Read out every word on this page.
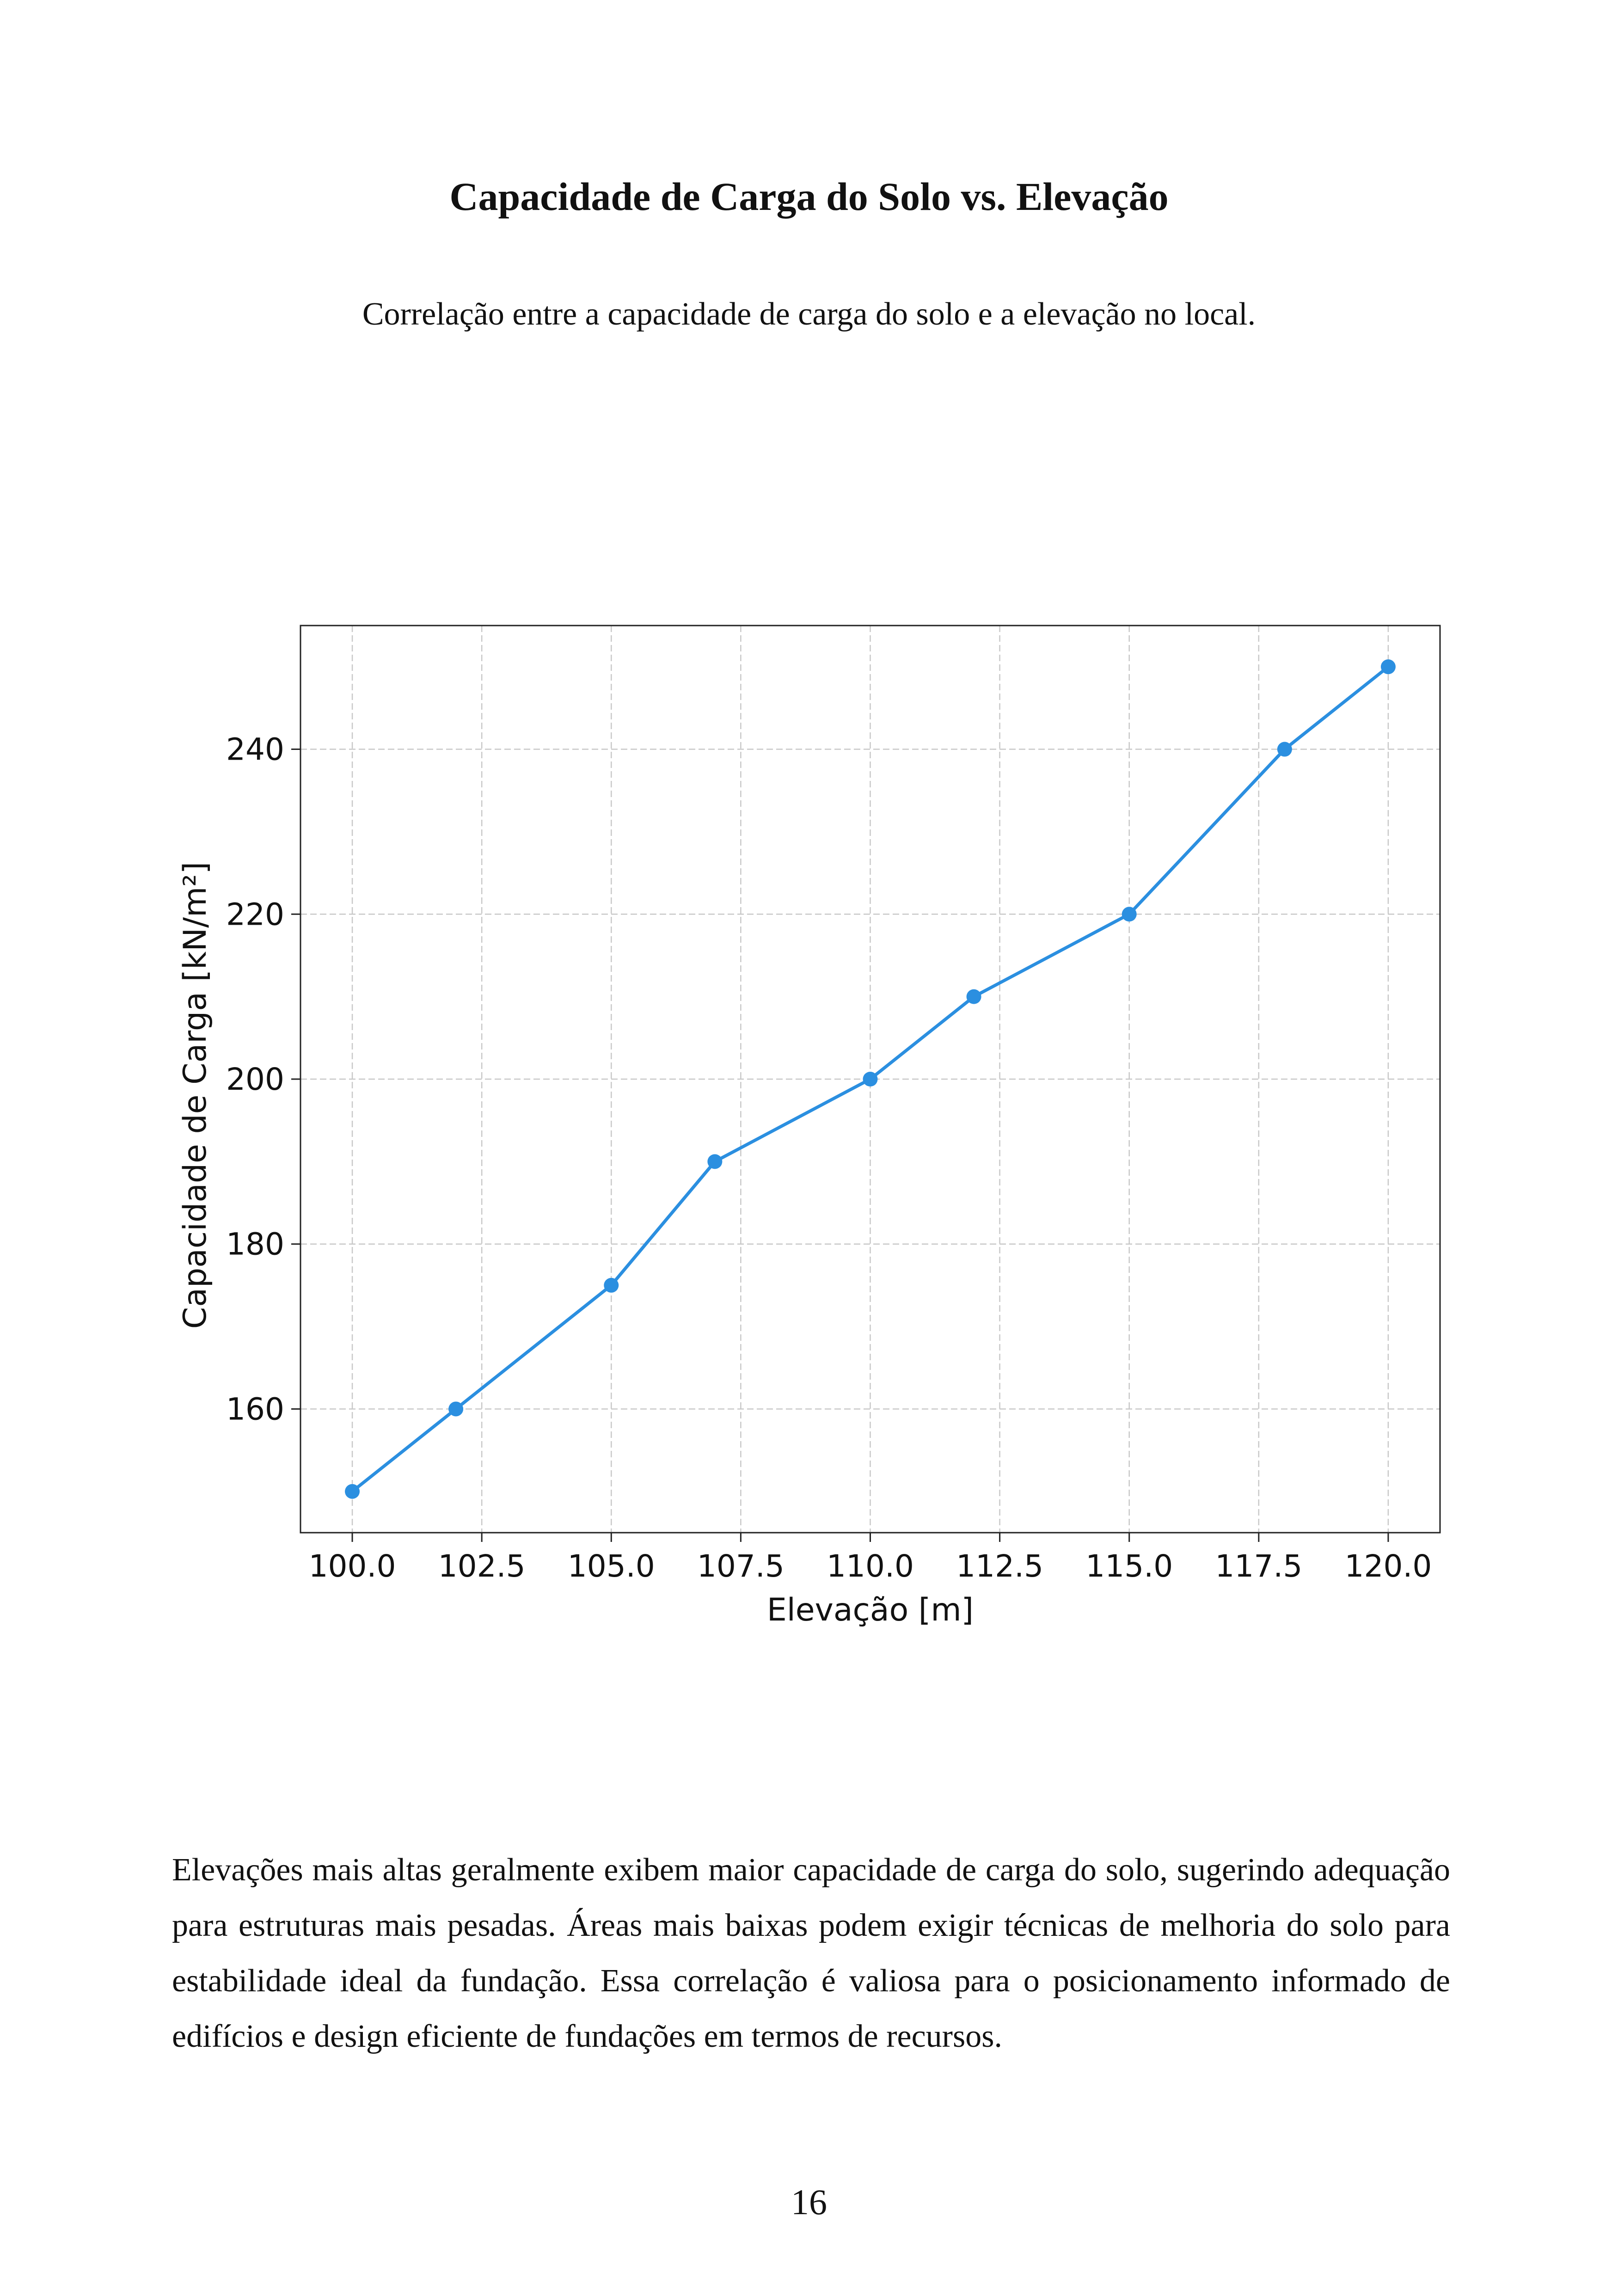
Capacidade de Carga do Solo vs. Elevação

Correlação entre a capacidade de carga do solo e a elevação no local.

100.0 102.5 105.0 107.5 110.0 112.5 115.0 117.5 120.0
160
180
200
220
240
Elevação [m]
Capacidade de Carga [kN/m²]

Elevações mais altas geralmente exibem maior capacidade de carga do solo, sugerindo adequação para estruturas mais pesadas. Áreas mais baixas podem exigir técnicas de melhoria do solo para estabilidade ideal da fundação. Essa correlação é valiosa para o posicionamento informado de edifícios e design eficiente de fundações em termos de recursos.

16
